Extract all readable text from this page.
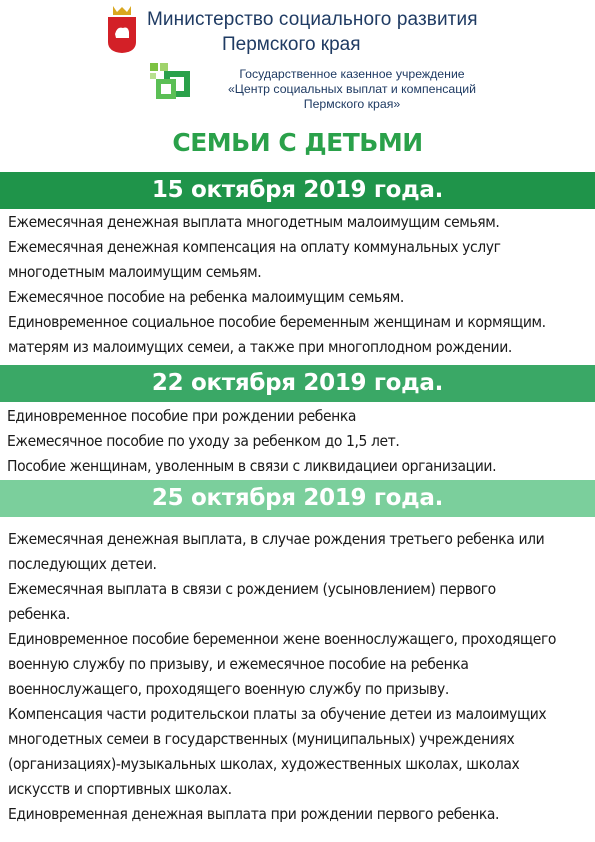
Министерство социального развития
Пермского края
Государственное казенное учреждение
«Центр социальных выплат и компенсаций
Пермского края»
СЕМЬИ С ДЕТЬМИ
15 октября 2019 года.
Ежемесячная денежная выплата многодетным малоимущим семьям.
Ежемесячная денежная компенсация на оплату коммунальных услуг
многодетным малоимущим семьям.
Ежемесячное пособие на ребенка малоимущим семьям.
Единовременное социальное пособие беременным женщинам и кормящим.
матерям из малоимущих семеи, а также при многоплодном рождении.
22 октября 2019 года.
Единовременное пособие при рождении ребенка
Ежемесячное пособие по уходу за ребенком до 1,5 лет.
Пособие женщинам, уволенным в связи с ликвидациеи организации.
25 октября 2019 года.
Ежемесячная денежная выплата, в случае рождения третьего ребенка или
последующих детеи.
Ежемесячная выплата в связи с рождением (усыновлением) первого
ребенка.
Единовременное пособие беременнои жене военнослужащего, проходящего
военную службу по призыву, и ежемесячное пособие на ребенка
военнослужащего, проходящего военную службу по призыву.
Компенсация части родительскои платы за обучение детеи из малоимущих
многодетных семеи в государственных (муниципальных) учреждениях
(организациях)-музыкальных школах, художественных школах, школах
искусств и спортивных школах.
Единовременная денежная выплата при рождении первого ребенка.
